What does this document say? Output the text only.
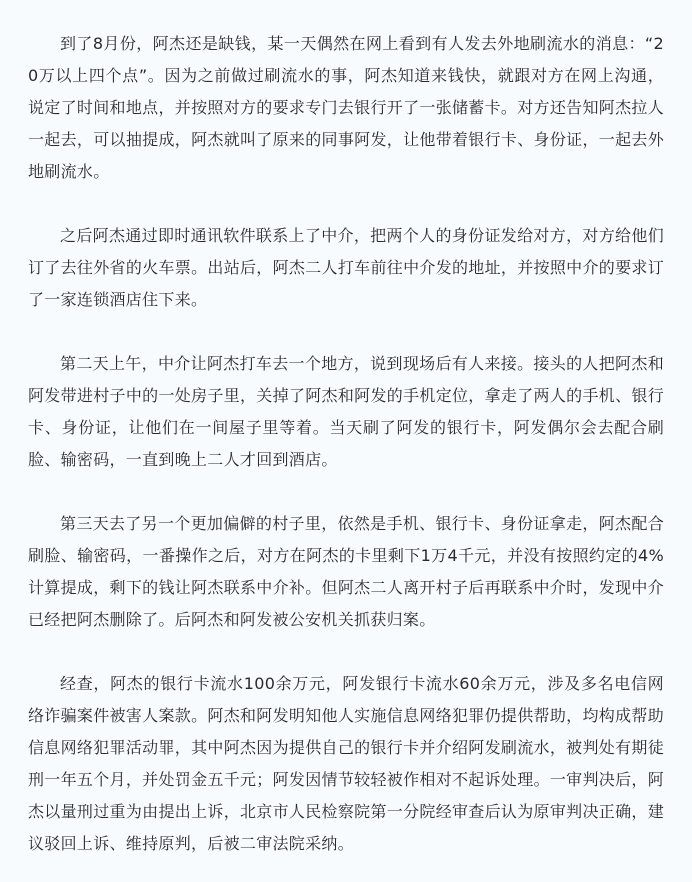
到了8月份，阿杰还是缺钱，某一天偶然在网上看到有人发去外地刷流水的消息：“20万以上四个点”。因为之前做过刷流水的事，阿杰知道来钱快，就跟对方在网上沟通，说定了时间和地点，并按照对方的要求专门去银行开了一张储蓄卡。对方还告知阿杰拉人一起去，可以抽提成，阿杰就叫了原来的同事阿发，让他带着银行卡、身份证，一起去外地刷流水。

之后阿杰通过即时通讯软件联系上了中介，把两个人的身份证发给对方，对方给他们订了去往外省的火车票。出站后，阿杰二人打车前往中介发的地址，并按照中介的要求订了一家连锁酒店住下来。

第二天上午，中介让阿杰打车去一个地方，说到现场后有人来接。接头的人把阿杰和阿发带进村子中的一处房子里，关掉了阿杰和阿发的手机定位，拿走了两人的手机、银行卡、身份证，让他们在一间屋子里等着。当天刷了阿发的银行卡，阿发偶尔会去配合刷脸、输密码，一直到晚上二人才回到酒店。

第三天去了另一个更加偏僻的村子里，依然是手机、银行卡、身份证拿走，阿杰配合刷脸、输密码，一番操作之后，对方在阿杰的卡里剩下1万4千元，并没有按照约定的4%计算提成，剩下的钱让阿杰联系中介补。但阿杰二人离开村子后再联系中介时，发现中介已经把阿杰删除了。后阿杰和阿发被公安机关抓获归案。

经查，阿杰的银行卡流水100余万元，阿发银行卡流水60余万元，涉及多名电信网络诈骗案件被害人案款。阿杰和阿发明知他人实施信息网络犯罪仍提供帮助，均构成帮助信息网络犯罪活动罪，其中阿杰因为提供自己的银行卡并介绍阿发刷流水，被判处有期徒刑一年五个月，并处罚金五千元；阿发因情节较轻被作相对不起诉处理。一审判决后，阿杰以量刑过重为由提出上诉，北京市人民检察院第一分院经审查后认为原审判决正确，建议驳回上诉、维持原判，后被二审法院采纳。
